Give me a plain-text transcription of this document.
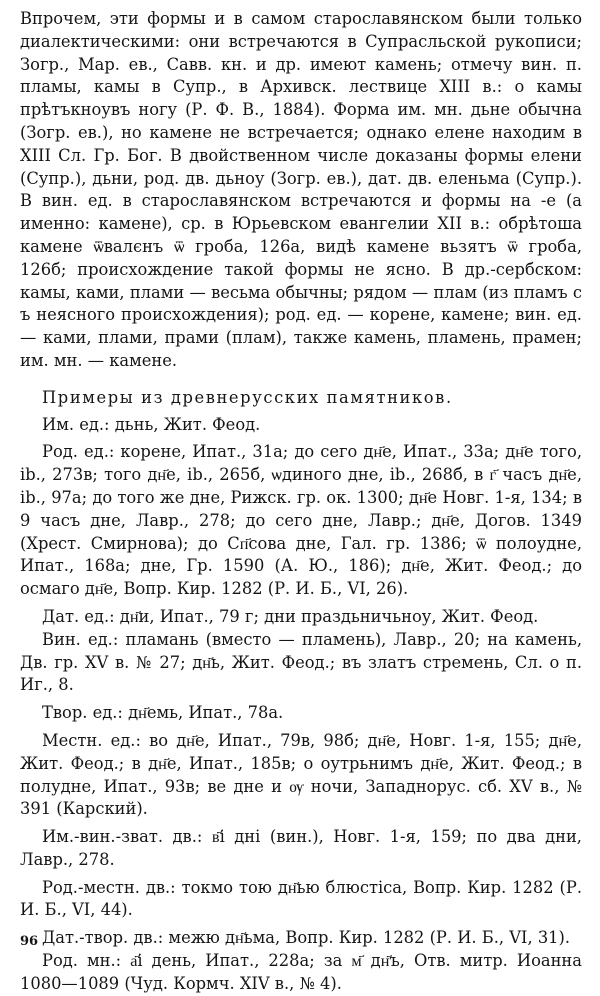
Впрочем, эти формы и в самом старославянском были только диалектическими: они встречаются в Супрасльской рукописи; Зогр., Мар. ев., Савв. кн. и др. имеют камень; отмечу вин. п. пламы, камы в Супр., в Архивск. лествице XIII в.: о камы прѣтъкноувъ ногу (Р. Ф. В., 1884). Форма им. мн. дьне обычна (Зогр. ев.), но камене не встречается; однако елене находим в XIII Сл. Гр. Бог. В двойственном числе доказаны формы елени (Супр.), дьни, род. дв. дьноу (Зогр. ев.), дат. дв. еленьма (Супр.). В вин. ед. в старославянском встречаются и формы на -е (а именно: камене), ср. в Юрьевском евангелии XII в.: обрѣтоша камене ѿвалєнъ ѿ гроба, 126а, видѣ камене вьзятъ ѿ гроба, 126б; происхождение такой формы не ясно. В др.-сербском: камы, ками, плами — весьма обычны; рядом — плам (из пламъ с ъ неясного происхождения); род. ед. — корене, камене; вин. ед. — ками, плами, прами (плам), также камень, пламень, прамен; им. мн. — камене.

Примеры из древнерусских памятников.

Им. ед.: дьнь, Жит. Феод.

Род. ед.: корене, Ипат., 31а; до сего дн҃е, Ипат., 33а; дн҃е того, ib., 273в; того дн҃е, ib., 265б, ѡдиного дне, ib., 268б, в г҃ часъ дн҃е, ib., 97а; до того же дне, Рижск. гр. ок. 1300; дн҃е Новг. 1-я, 134; в 9 часъ дне, Лавр., 278; до сего дне, Лавр.; дн҃е, Догов. 1349 (Хрест. Смирнова); до Сп҃сова дне, Гал. гр. 1386; ѿ полоудне, Ипат., 168а; дне, Гр. 1590 (А. Ю., 186); дн҃е, Жит. Феод.; до осмаго дн҃е, Вопр. Кир. 1282 (Р. И. Б., VI, 26).

Дат. ед.: дн҃и, Ипат., 79 г; дни праздьничьноу, Жит. Феод.

Вин. ед.: пламань (вместо — пламень), Лавр., 20; на камень, Дв. гр. XV в. № 27; дн҃ь, Жит. Феод.; въ златъ стремень, Сл. о п. Иг., 8.

Твор. ед.: дн҃емь, Ипат., 78а.

Местн. ед.: во дн҃е, Ипат., 79в, 98б; дн҃е, Новг. 1-я, 155; дн҃е, Жит. Феод.; в дн҃е, Ипат., 185в; о оутрьнимъ дн҃е, Жит. Феод.; в полудне, Ипат., 93в; ве дне и ѹ ночи, Западнорус. сб. XV в., № 391 (Карский).

Им.-вин.-зват. дв.: в҃і дні (вин.), Новг. 1-я, 159; по два дни, Лавр., 278.

Род.-местн. дв.: токмо тою дн҃ью блюстіса, Вопр. Кир. 1282 (Р. И. Б., VI, 44).

Дат.-твор. дв.: межю дн҃ьма, Вопр. Кир. 1282 (Р. И. Б., VI, 31).

Род. мн.: а҃і день, Ипат., 228а; за м҃ дн҃ъ, Отв. митр. Иоанна 1080—1089 (Чуд. Кормч. XIV в., № 4).

96
